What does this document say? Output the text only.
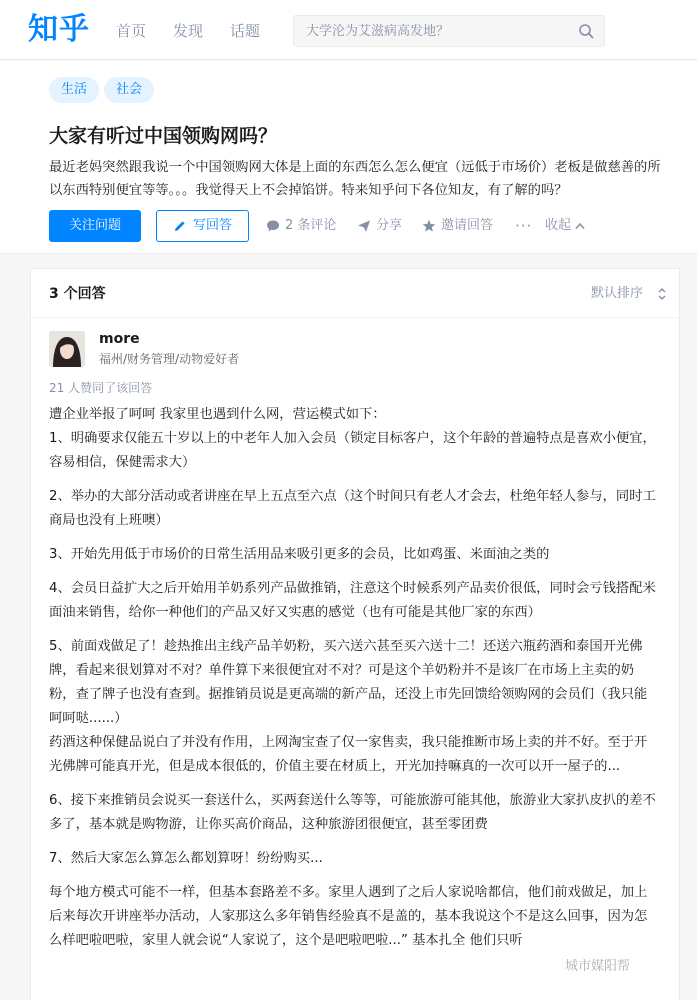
知乎 首页 发现 话题
大学沦为艾滋病高发地？
生活	社会
大家有听过中国领购网吗？
最近老妈突然跟我说一个中国领购网大体是上面的东西怎么怎么便宜（远低于市场价）老板是做慈善的所以东西特别便宜等等。。。我觉得天上不会掉馅饼。特来知乎问下各位知友，有了解的吗？
关注问题	写回答	2 条评论	分享	邀请回答 ··· 收起
3 个回答	默认排序
more
福州/财务管理/动物爱好者
21 人赞同了该回答

遭企业举报了呵呵 我家里也遇到什么网，营运模式如下：

1、明确要求仅能五十岁以上的中老年人加入会员（锁定目标客户，这个年龄的普遍特点是喜欢小便宜，容易相信，保健需求大）

2、举办的大部分活动或者讲座在早上五点至六点（这个时间只有老人才会去，杜绝年轻人参与，同时工商局也没有上班噢）

3、开始先用低于市场价的日常生活用品来吸引更多的会员，比如鸡蛋、米面油之类的

4、会员日益扩大之后开始用羊奶系列产品做推销，注意这个时候系列产品卖价很低，同时会亏钱搭配米面油来销售，给你一种他们的产品又好又实惠的感觉（也有可能是其他厂家的东西）

5、前面戏做足了！趁热推出主线产品羊奶粉，买六送六甚至买六送十二！还送六瓶药酒和泰国开光佛牌，看起来很划算对不对？单件算下来很便宜对不对？可是这个羊奶粉并不是该厂在市场上主卖的奶粉，查了牌子也没有查到。据推销员说是更高端的新产品，还没上市先回馈给领购网的会员们（我只能呵呵哒......）

药酒这种保健品说白了并没有作用，上网淘宝查了仅一家售卖，我只能推断市场上卖的并不好。至于开光佛牌可能真开光，但是成本很低的，价值主要在材质上，开光加持嘛真的一次可以开一屋子的...

6、接下来推销员会说买一套送什么，买两套送什么等等，可能旅游可能其他，旅游业大家扒皮扒的差不多了，基本就是购物游，让你买高价商品，这种旅游团很便宜，甚至零团费

7、然后大家怎么算怎么都划算呀！纷纷购买...

每个地方模式可能不一样，但基本套路差不多。家里人遇到了之后人家说啥都信，他们前戏做足，加上后来每次开讲座举办活动，人家那这么多年销售经验真不是盖的，基本我说这个不是这么回事，因为怎么样吧啦吧啦，家里人就会说“人家说了，这个是吧啦吧啦...” 基本扎全 他们只听

城市媒阳帮
